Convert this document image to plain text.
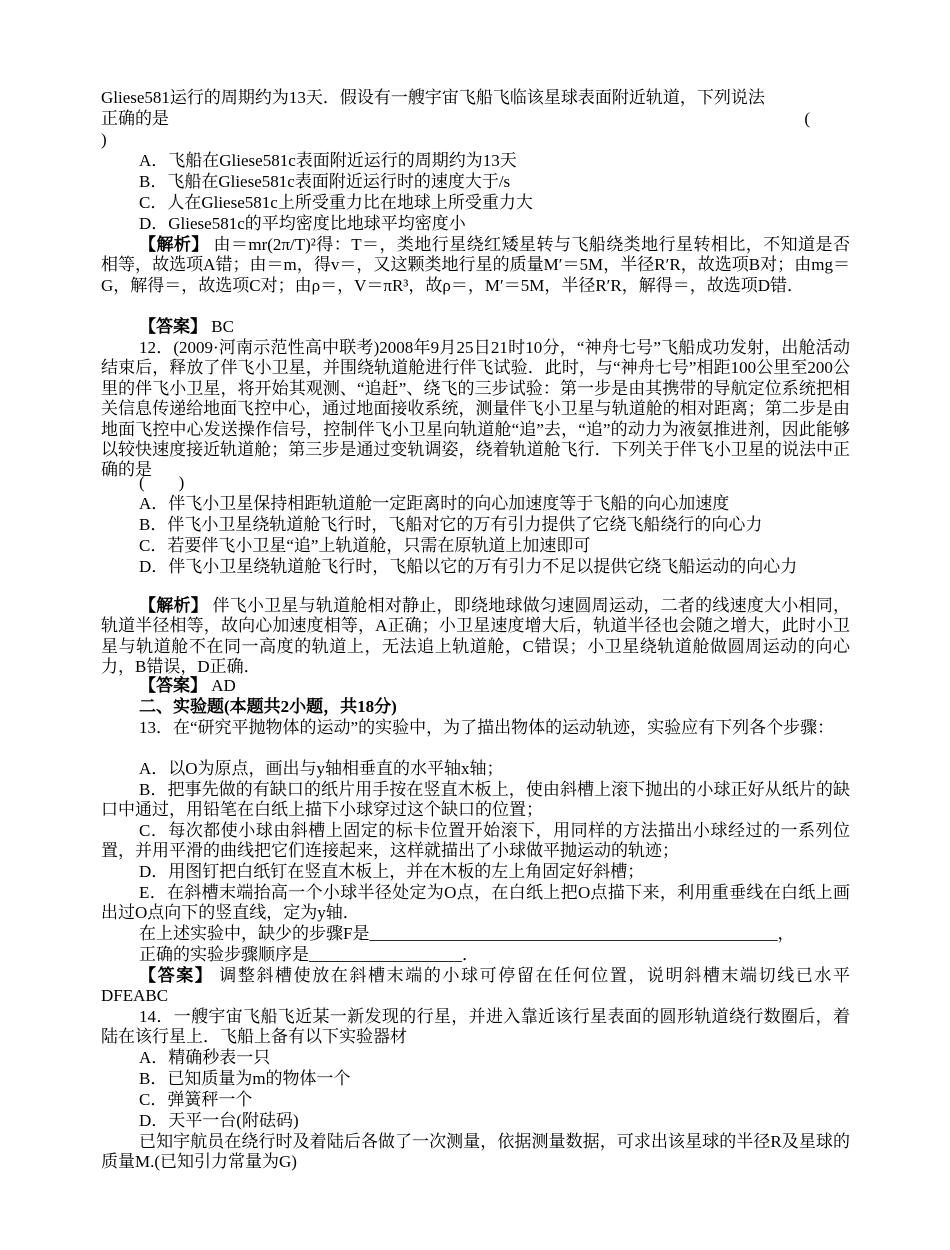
Gliese581运行的周期约为13天．假设有一艘宇宙飞船飞临该星球表面附近轨道，下列说法
正确的是	(
)
A．飞船在Gliese581c表面附近运行的周期约为13天
B．飞船在Gliese581c表面附近运行时的速度大于/s
C．人在Gliese581c上所受重力比在地球上所受重力大
D．Gliese581c的平均密度比地球平均密度小
【解析】 由＝mr(2π/T)²得：T＝，类地行星绕红矮星转与飞船绕类地行星转相比，不知道是否相等，故选项A错；由＝m，得v＝，又这颗类地行星的质量M′＝5M，半径R′R，故选项B对；由mg＝G，解得＝，故选项C对；由ρ＝，V＝πR³，故ρ＝，M′＝5M，半径R′R，解得＝，故选项D错．
【答案】 BC
12．(2009·河南示范性高中联考)2008年9月25日21时10分，“神舟七号”飞船成功发射，出舱活动结束后，释放了伴飞小卫星，并围绕轨道舱进行伴飞试验．此时，与“神舟七号”相距100公里至200公里的伴飞小卫星，将开始其观测、“追赶”、绕飞的三步试验：第一步是由其携带的导航定位系统把相关信息传递给地面飞控中心，通过地面接收系统，测量伴飞小卫星与轨道舱的相对距离；第二步是由地面飞控中心发送操作信号，控制伴飞小卫星向轨道舱“追”去，“追”的动力为液氨推进剂，因此能够以较快速度接近轨道舱；第三步是通过变轨调姿，绕着轨道舱飞行．下列关于伴飞小卫星的说法中正确的是
(　　)
A．伴飞小卫星保持相距轨道舱一定距离时的向心加速度等于飞船的向心加速度
B．伴飞小卫星绕轨道舱飞行时，飞船对它的万有引力提供了它绕飞船绕行的向心力
C．若要伴飞小卫星“追”上轨道舱，只需在原轨道上加速即可
D．伴飞小卫星绕轨道舱飞行时，飞船以它的万有引力不足以提供它绕飞船运动的向心力
【解析】 伴飞小卫星与轨道舱相对静止，即绕地球做匀速圆周运动，二者的线速度大小相同，轨道半径相等，故向心加速度相等，A正确；小卫星速度增大后，轨道半径也会随之增大，此时小卫星与轨道舱不在同一高度的轨道上，无法追上轨道舱，C错误；小卫星绕轨道舱做圆周运动的向心力，B错误，D正确．
【答案】 AD
二、实验题(本题共2小题，共18分)
13．在“研究平抛物体的运动”的实验中，为了描出物体的运动轨迹，实验应有下列各个步骤：
A．以O为原点，画出与y轴相垂直的水平轴x轴；
B．把事先做的有缺口的纸片用手按在竖直木板上，使由斜槽上滚下抛出的小球正好从纸片的缺口中通过，用铅笔在白纸上描下小球穿过这个缺口的位置；
C．每次都使小球由斜槽上固定的标卡位置开始滚下，用同样的方法描出小球经过的一系列位置，并用平滑的曲线把它们连接起来，这样就描出了小球做平抛运动的轨迹；
D．用图钉把白纸钉在竖直木板上，并在木板的左上角固定好斜槽；
E．在斜槽末端抬高一个小球半径处定为O点，在白纸上把O点描下来，利用重垂线在白纸上画出过O点向下的竖直线，定为y轴．
在上述实验中，缺少的步骤F是________________________________________________，
正确的实验步骤顺序是__________________．
【答案】 调整斜槽使放在斜槽末端的小球可停留在任何位置，说明斜槽末端切线已水平　DFEABC
14．一艘宇宙飞船飞近某一新发现的行星，并进入靠近该行星表面的圆形轨道绕行数圈后，着陆在该行星上．飞船上备有以下实验器材
A．精确秒表一只
B．已知质量为m的物体一个
C．弹簧秤一个
D．天平一台(附砝码)
已知宇航员在绕行时及着陆后各做了一次测量，依据测量数据，可求出该星球的半径R及星球的质量M.(已知引力常量为G)
